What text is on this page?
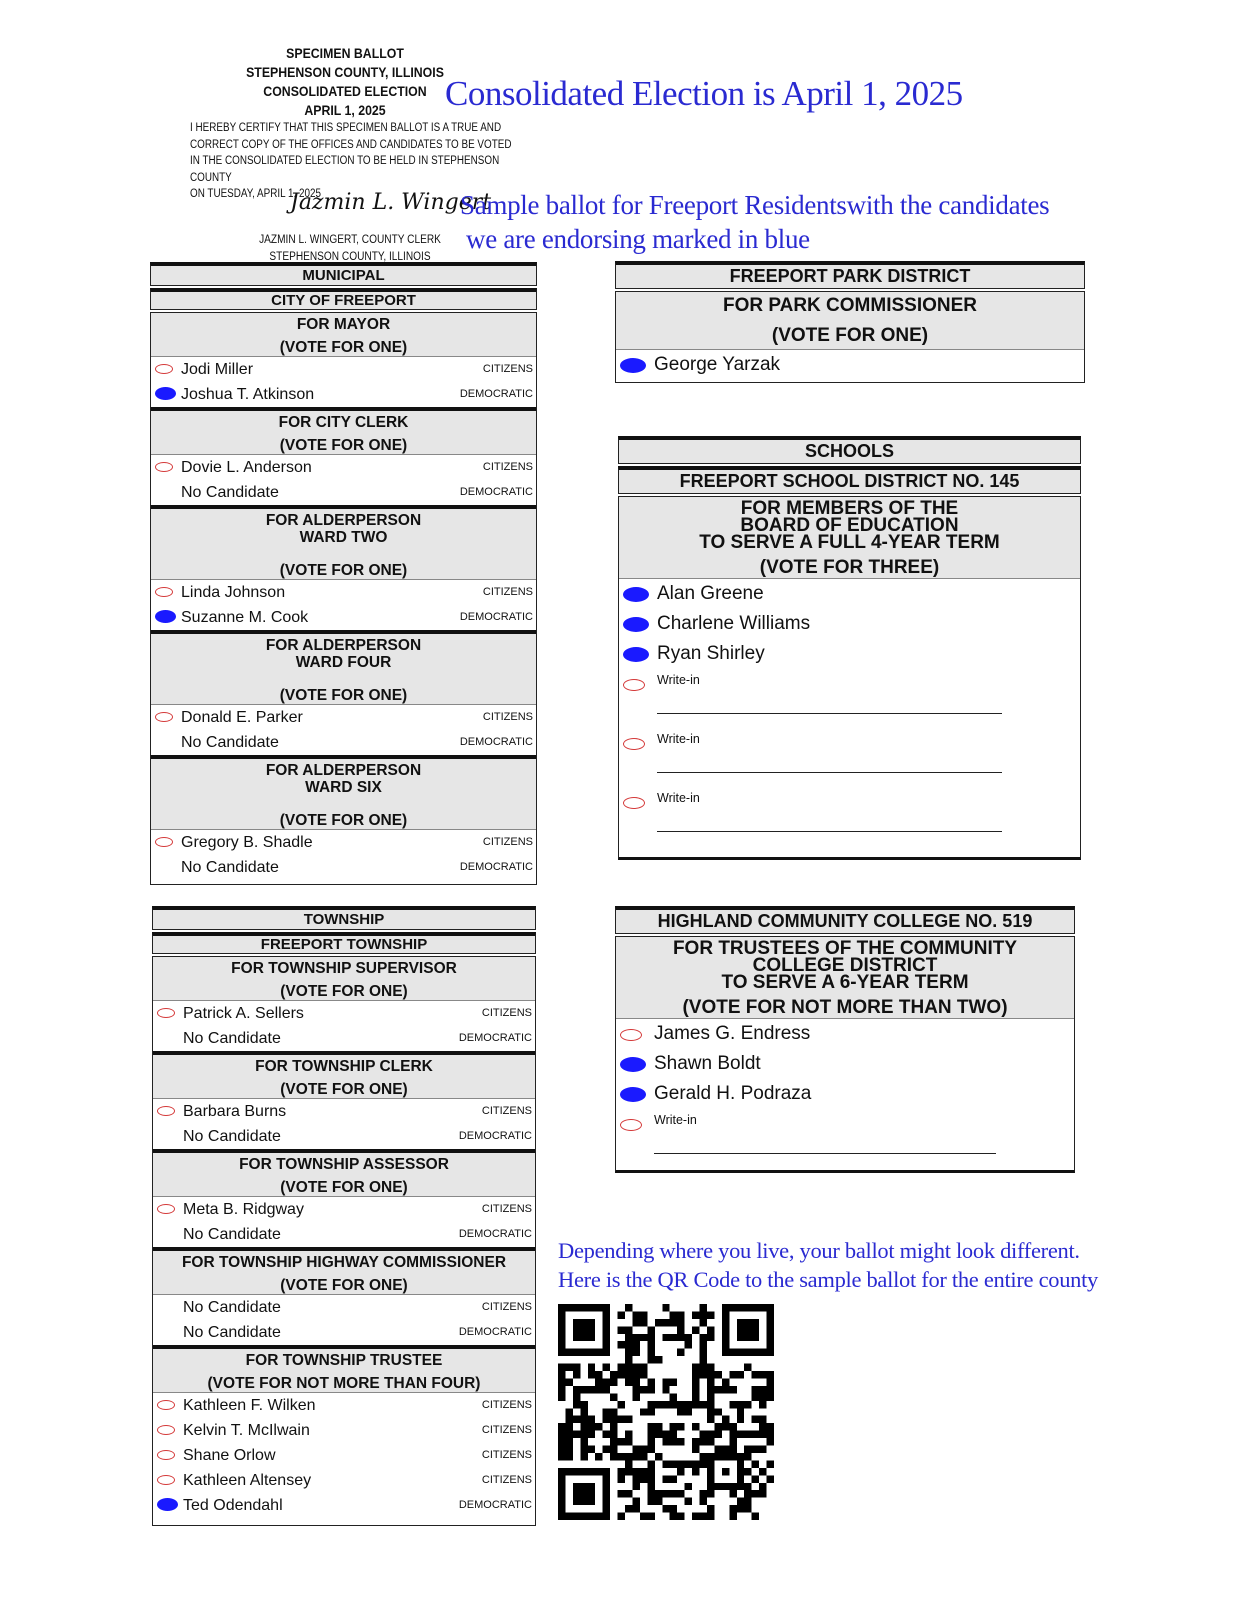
SPECIMEN BALLOT
STEPHENSON COUNTY, ILLINOIS
CONSOLIDATED ELECTION
APRIL 1, 2025
I HEREBY CERTIFY THAT THIS SPECIMEN BALLOT IS A TRUE AND
CORRECT COPY OF THE OFFICES AND CANDIDATES TO BE VOTED
IN THE CONSOLIDATED ELECTION TO BE HELD IN STEPHENSON COUNTY
ON TUESDAY, APRIL 1, 2025
Jazmin L. Wingert
JAZMIN L. WINGERT, COUNTY CLERK
STEPHENSON COUNTY, ILLINOIS
Consolidated Election is April 1, 2025
Sample ballot for Freeport Residentswith the candidates
we are endorsing marked in blue
MUNICIPAL
CITY OF FREEPORT
FOR MAYOR
(VOTE FOR ONE)
Jodi Miller	CITIZENS
Joshua T. Atkinson	DEMOCRATIC
FOR CITY CLERK
(VOTE FOR ONE)
Dovie L. Anderson	CITIZENS
No Candidate	DEMOCRATIC
FOR ALDERPERSON
WARD TWO
(VOTE FOR ONE)
Linda Johnson	CITIZENS
Suzanne M. Cook	DEMOCRATIC
FOR ALDERPERSON
WARD FOUR
(VOTE FOR ONE)
Donald E. Parker	CITIZENS
No Candidate	DEMOCRATIC
FOR ALDERPERSON
WARD SIX
(VOTE FOR ONE)
Gregory B. Shadle	CITIZENS
No Candidate	DEMOCRATIC
TOWNSHIP
FREEPORT TOWNSHIP
FOR TOWNSHIP SUPERVISOR
(VOTE FOR ONE)
Patrick A. Sellers	CITIZENS
No Candidate	DEMOCRATIC
FOR TOWNSHIP CLERK
(VOTE FOR ONE)
Barbara Burns	CITIZENS
No Candidate	DEMOCRATIC
FOR TOWNSHIP ASSESSOR
(VOTE FOR ONE)
Meta B. Ridgway	CITIZENS
No Candidate	DEMOCRATIC
FOR TOWNSHIP HIGHWAY COMMISSIONER
(VOTE FOR ONE)
No Candidate	CITIZENS
No Candidate	DEMOCRATIC
FOR TOWNSHIP TRUSTEE
(VOTE FOR NOT MORE THAN FOUR)
Kathleen F. Wilken	CITIZENS
Kelvin T. McIlwain	CITIZENS
Shane Orlow	CITIZENS
Kathleen Altensey	CITIZENS
Ted Odendahl	DEMOCRATIC
FREEPORT PARK DISTRICT
FOR PARK COMMISSIONER
(VOTE FOR ONE)
George Yarzak
SCHOOLS
FREEPORT SCHOOL DISTRICT NO. 145
FOR MEMBERS OF THE
BOARD OF EDUCATION
TO SERVE A FULL 4-YEAR TERM
(VOTE FOR THREE)
Alan Greene
Charlene Williams
Ryan Shirley
Write-in
Write-in
Write-in
HIGHLAND COMMUNITY COLLEGE NO. 519
FOR TRUSTEES OF THE COMMUNITY
COLLEGE DISTRICT
TO SERVE A 6-YEAR TERM
(VOTE FOR NOT MORE THAN TWO)
James G. Endress
Shawn Boldt
Gerald H. Podraza
Write-in
Depending where you live, your ballot might look different.
Here is the QR Code to the sample ballot for the entire county
